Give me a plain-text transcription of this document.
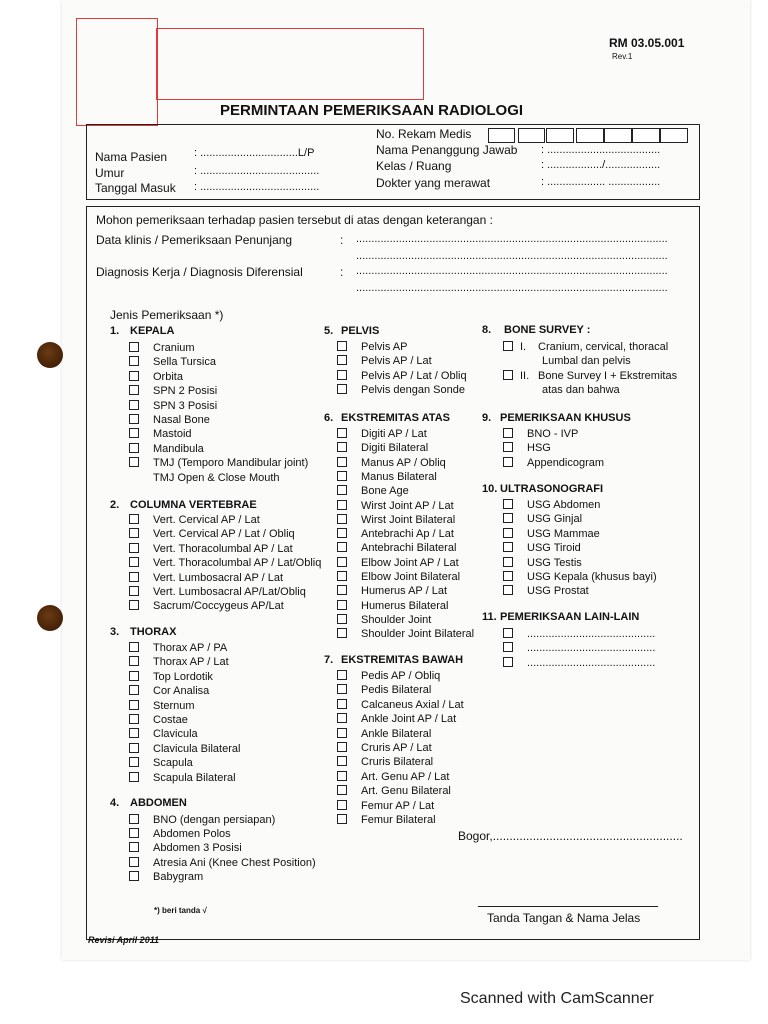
RM 03.05.001
Rev.1
PERMINTAAN PEMERIKSAAN RADIOLOGI
Nama Pasien : ................................L/P
Umur	: .......................................
Tanggal Masuk : .......................................
No. Rekam Medis
Nama Penanggung Jawab : .....................................
Kelas / Ruang	: ................../..................
Dokter yang merawat	: ................... .................
Mohon pemeriksaan terhadap pasien tersebut di atas dengan keterangan :
Data klinis / Pemeriksaan Penunjang	: ......................................................................................................
......................................................................................................
Diagnosis Kerja / Diagnosis Diferensial	: ......................................................................................................
......................................................................................................
Jenis Pemeriksaan *)
1. KEPALA
Cranium
Sella Tursica
Orbita
SPN 2 Posisi
SPN 3 Posisi
Nasal Bone
Mastoid
Mandibula
TMJ (Temporo Mandibular joint)
TMJ Open & Close Mouth
2. COLUMNA VERTEBRAE
Vert. Cervical AP / Lat
Vert. Cervical AP / Lat / Obliq
Vert. Thoracolumbal AP / Lat
Vert. Thoracolumbal AP / Lat/Obliq
Vert. Lumbosacral AP / Lat
Vert. Lumbosacral AP/Lat/Obliq
Sacrum/Coccygeus AP/Lat
3. THORAX
Thorax AP / PA
Thorax AP / Lat
Top Lordotik
Cor Analisa
Sternum
Costae
Clavicula
Clavicula Bilateral
Scapula
Scapula Bilateral
4. ABDOMEN
BNO (dengan persiapan)
Abdomen Polos
Abdomen 3 Posisi
Atresia Ani (Knee Chest Position)
Babygram
5. PELVIS
Pelvis AP
Pelvis AP / Lat
Pelvis AP / Lat / Obliq
Pelvis dengan Sonde
6. EKSTREMITAS ATAS
Digiti AP / Lat
Digiti Bilateral
Manus AP / Obliq
Manus Bilateral
Bone Age
Wirst Joint AP / Lat
Wirst Joint Bilateral
Antebrachi Ap / Lat
Antebrachi Bilateral
Elbow Joint AP / Lat
Elbow Joint Bilateral
Humerus AP / Lat
Humerus Bilateral
Shoulder Joint
Shoulder Joint Bilateral
7. EKSTREMITAS BAWAH
Pedis AP / Obliq
Pedis Bilateral
Calcaneus Axial / Lat
Ankle Joint AP / Lat
Ankle Bilateral
Cruris AP / Lat
Cruris Bilateral
Art. Genu AP / Lat
Art. Genu Bilateral
Femur AP / Lat
Femur Bilateral
8. BONE SURVEY :
I. Cranium, cervical, thoracal
Lumbal dan pelvis
II. Bone Survey I + Ekstremitas
atas dan bahwa
9. PEMERIKSAAN KHUSUS
BNO - IVP
HSG
Appendicogram
10. ULTRASONOGRAFI
USG Abdomen
USG Ginjal
USG Mammae
USG Tiroid
USG Testis
USG Kepala (khusus bayi)
USG Prostat
11. PEMERIKSAAN LAIN-LAIN
..........................................
..........................................
..........................................
Bogor,.........................................................
*) beri tanda √
Tanda Tangan & Nama Jelas
Revisi April 2011
Scanned with CamScanner
